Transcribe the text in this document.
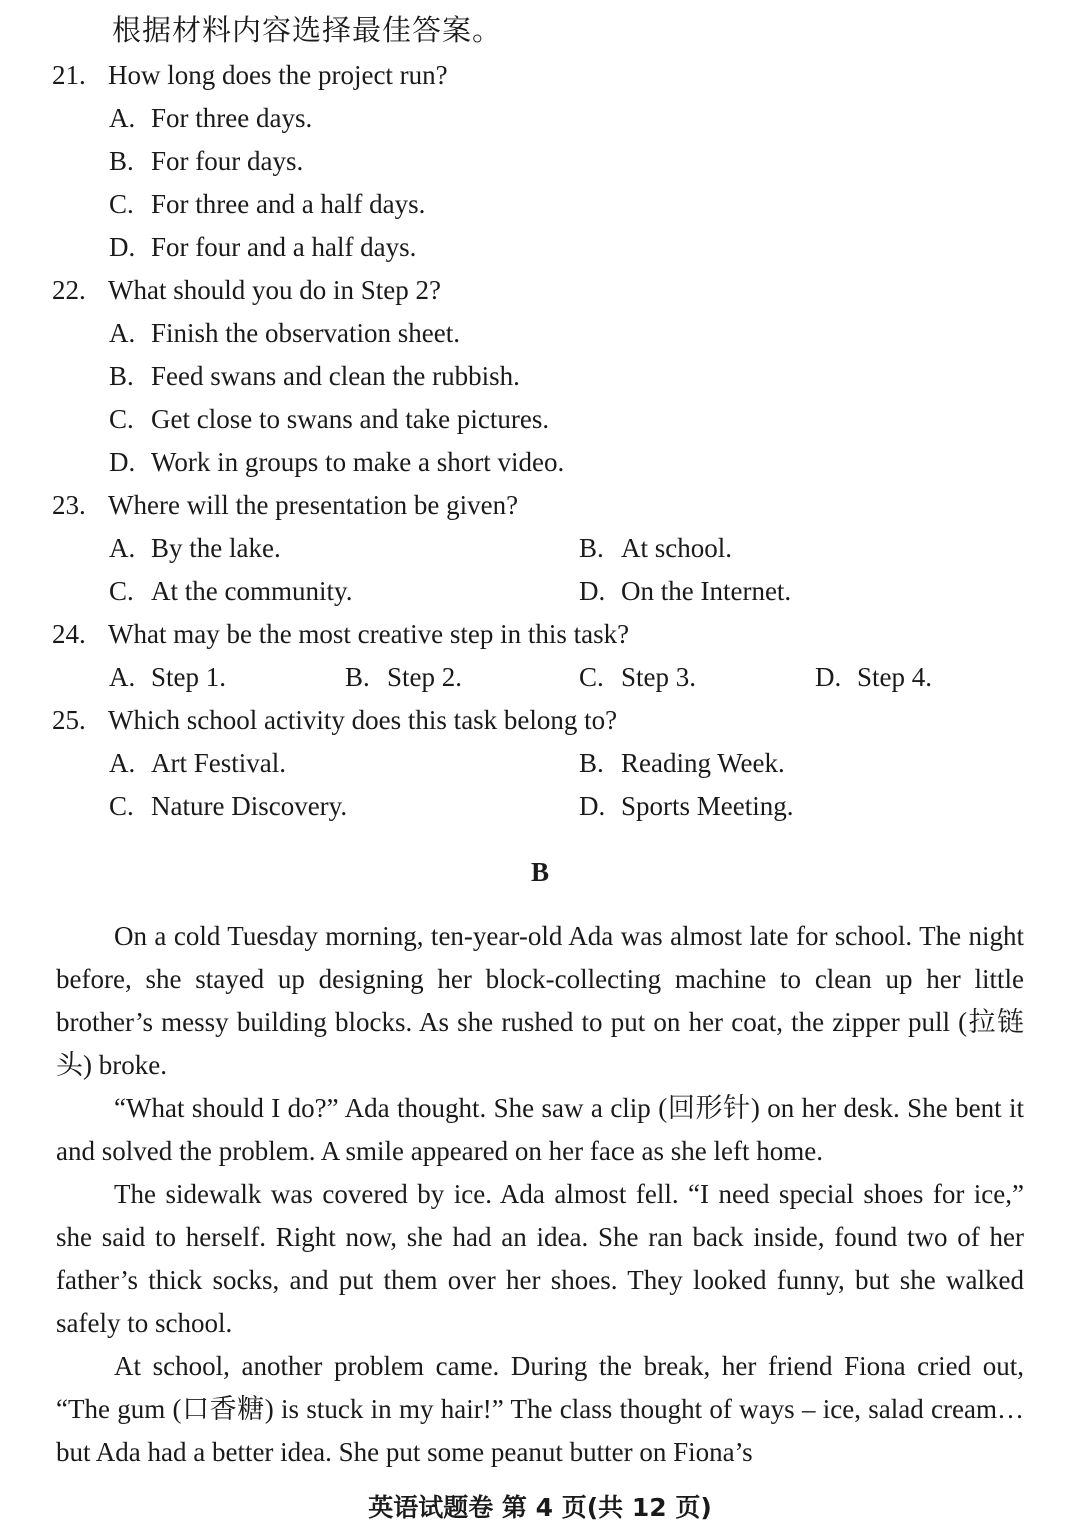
根据材料内容选择最佳答案。
21. How long does the project run?
A. For three days.
B. For four days.
C. For three and a half days.
D. For four and a half days.
22. What should you do in Step 2?
A. Finish the observation sheet.
B. Feed swans and clean the rubbish.
C. Get close to swans and take pictures.
D. Work in groups to make a short video.
23. Where will the presentation be given?
A. By the lake.	B. At school.
C. At the community.	D. On the Internet.
24. What may be the most creative step in this task?
A. Step 1.	B. Step 2.	C. Step 3.	D. Step 4.
25. Which school activity does this task belong to?
A. Art Festival.	B. Reading Week.
C. Nature Discovery.	D. Sports Meeting.
B

On a cold Tuesday morning, ten-year-old Ada was almost late for school. The night before, she stayed up designing her block-collecting machine to clean up her little brother’s messy building blocks. As she rushed to put on her coat, the zipper pull (拉链头) broke.

“What should I do?” Ada thought. She saw a clip (回形针) on her desk. She bent it and solved the problem. A smile appeared on her face as she left home.

The sidewalk was covered by ice. Ada almost fell. “I need special shoes for ice,” she said to herself. Right now, she had an idea. She ran back inside, found two of her father’s thick socks, and put them over her shoes. They looked funny, but she walked safely to school.

At school, another problem came. During the break, her friend Fiona cried out, “The gum (口香糖) is stuck in my hair!” The class thought of ways – ice, salad cream… but Ada had a better idea. She put some peanut butter on Fiona’s

英语试题卷 第 4 页(共 12 页)
